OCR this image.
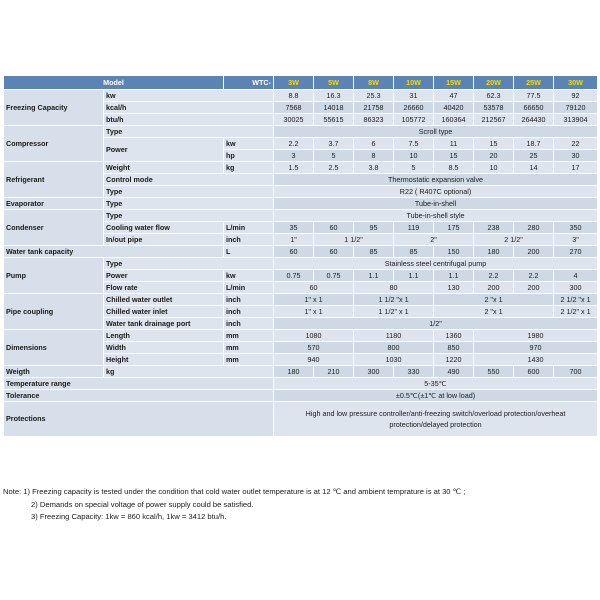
Model		WTC-	3W	5W	8W	10W	15W	20W	25W	30W
Freezing Capacity	kw		8.8	16.3	25.3	31	47	62.3	77.5	92
	kcal/h		7568	14018	21758	26660	40420	53578	66650	79120
	btu/h		30025	55615	86323	105772	160364	212567	264430	313904
Compressor	Type		Scroll type							
	Power	kw	2.2	3.7	6	7.5	11	15	18.7	22
		hp	3	5	8	10	15	20	25	30
Refrigerant	Weight	kg	1.5	2.5	3.8	5	8.5	10	14	17
	Control mode		Thermostatic expansion valve							
	Type		R22 ( R407C optional)							
Evaporator	Type		Tube-in-shell							
Condenser	Type		Tube-in-shell style							
	Cooling water flow	L/min	35	60	95	119	175	238	280	350
	In/out pipe	inch	1"	1 1/2"		2"		2 1/2"		3"
Water tank capacity		L	60	60	85	85	150	180	200	270
Pump	Type		Stainless steel centrifugal pump							
	Power	kw	0.75	0.75	1.1	1.1	1.1	2.2	2.2	4
	Flow rate	L/min	60		80		130	200	200	300
Pipe coupling	Chilled water outlet	inch	1" x 1		1 1/2 "x 1		2 "x 1			2 1/2 "x 1
	Chilled water inlet	inch	1" x 1		1 1/2" x 1		2 "x 1			2 1/2" x 1
	Water tank drainage port	inch	1/2"							
Dimensions	Length	mm	1080		1180		1360	1980		
	Width	mm	570		800		850	970		
	Height	mm	940		1030		1220	1430		
Weigth	kg		180	210	300	330	490	550	600	700
Temperature range			5-35℃							
Tolerance			±0.5℃(±1℃ at low load)							
Protections			High and low pressure controller/anti-freezing switch/overload protection/overheat protection/delayed protection							
Note: 1) Freezing capacity is tested under the condition that cold water outlet temperature is at 12 ℃ and ambient temprature is at 30 ℃ ;
2) Demands on special voltage of power supply could be satisfied.
3) Freezing Capacity: 1kw = 860 kcal/h, 1kw = 3412 btu/h.
